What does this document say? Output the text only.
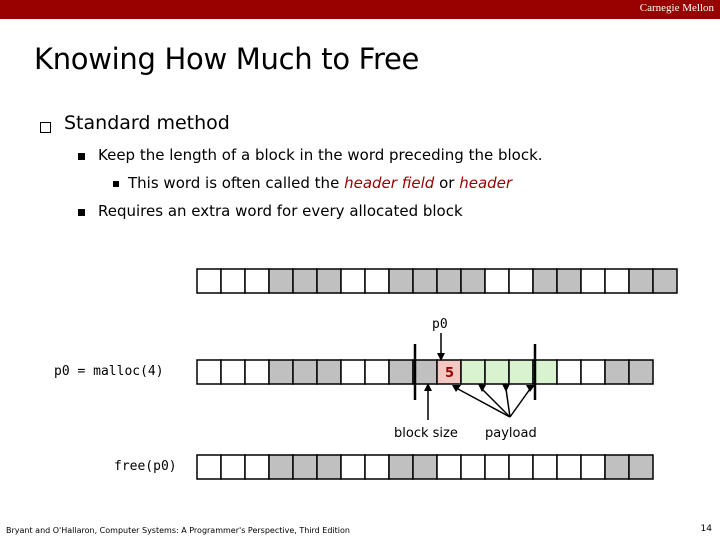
Carnegie Mellon
Knowing How Much to Free
Standard method
Keep the length of a block in the word preceding the block.
This word is often called the header field or header
Requires an extra word for every allocated block
5
p0
p0 = malloc(4)
free(p0)
block size payload
Bryant and O'Hallaron, Computer Systems: A Programmer's Perspective, Third Edition	14
